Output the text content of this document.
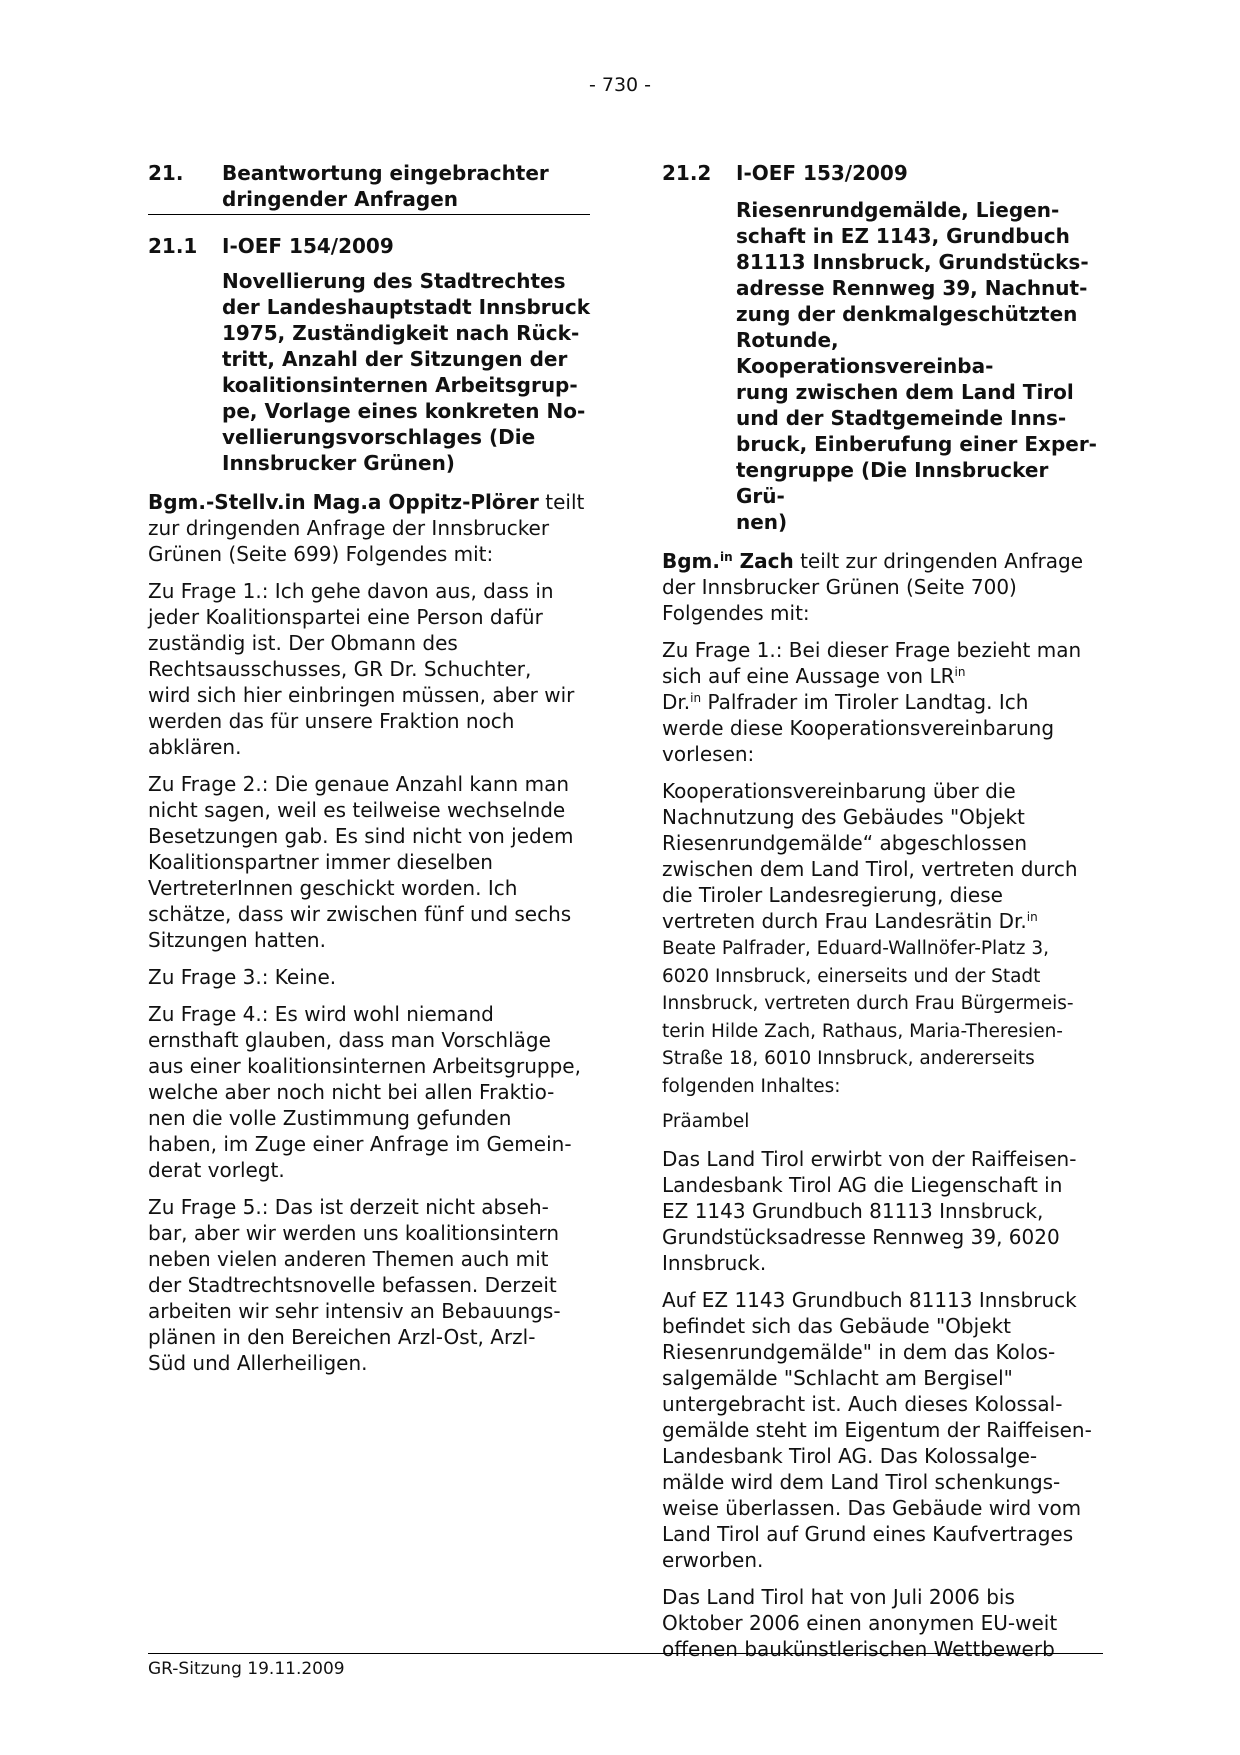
- 730 -
21.	Beantwortung eingebrachter
dringender Anfragen
21.1	I-OEF 154/2009
Novellierung des Stadtrechtes
der Landeshauptstadt Innsbruck
1975, Zuständigkeit nach Rück-
tritt, Anzahl der Sitzungen der
koalitionsinternen Arbeitsgrup-
pe, Vorlage eines konkreten No-
vellierungsvorschlages (Die
Innsbrucker Grünen)

Bgm.-Stellv.in Mag.a Oppitz-Plörer teilt
zur dringenden Anfrage der Innsbrucker
Grünen (Seite 699) Folgendes mit:

Zu Frage 1.: Ich gehe davon aus, dass in
jeder Koalitionspartei eine Person dafür
zuständig ist. Der Obmann des
Rechtsausschusses, GR Dr. Schuchter,
wird sich hier einbringen müssen, aber wir
werden das für unsere Fraktion noch
abklären.

Zu Frage 2.: Die genaue Anzahl kann man
nicht sagen, weil es teilweise wechselnde
Besetzungen gab. Es sind nicht von jedem
Koalitionspartner immer dieselben
VertreterInnen geschickt worden. Ich
schätze, dass wir zwischen fünf und sechs
Sitzungen hatten.

Zu Frage 3.: Keine.

Zu Frage 4.: Es wird wohl niemand
ernsthaft glauben, dass man Vorschläge
aus einer koalitionsinternen Arbeitsgruppe,
welche aber noch nicht bei allen Fraktio-
nen die volle Zustimmung gefunden
haben, im Zuge einer Anfrage im Gemein-
derat vorlegt.

Zu Frage 5.: Das ist derzeit nicht abseh-
bar, aber wir werden uns koalitionsintern
neben vielen anderen Themen auch mit
der Stadtrechtsnovelle befassen. Derzeit
arbeiten wir sehr intensiv an Bebauungs-
plänen in den Bereichen Arzl-Ost, Arzl-
Süd und Allerheiligen.

21.2	I-OEF 153/2009
Riesenrundgemälde, Liegen-
schaft in EZ 1143, Grundbuch
81113 Innsbruck, Grundstücks-
adresse Rennweg 39, Nachnut-
zung der denkmalgeschützten
Rotunde, Kooperationsvereinba-
rung zwischen dem Land Tirol
und der Stadtgemeinde Inns-
bruck, Einberufung einer Exper-
tengruppe (Die Innsbrucker Grü-
nen)

Bgm.$^{in}$ Zach teilt zur dringenden Anfrage
der Innsbrucker Grünen (Seite 700)
Folgendes mit:

Zu Frage 1.: Bei dieser Frage bezieht man
sich auf eine Aussage von $LR^{in}$
Dr.$^{in}$ Palfrader im Tiroler Landtag. Ich
werde diese Kooperationsvereinbarung
vorlesen:

Kooperationsvereinbarung über die
Nachnutzung des Gebäudes "Objekt
Riesenrundgemälde“ abgeschlossen
zwischen dem Land Tirol, vertreten durch
die Tiroler Landesregierung, diese
vertreten durch Frau Landesrätin Dr.$^{in}$
Beate Palfrader, Eduard-Wallnöfer-Platz 3,
6020 Innsbruck, einerseits und der Stadt
Innsbruck, vertreten durch Frau Bürgermeis-
terin Hilde Zach, Rathaus, Maria-Theresien-
Straße 18, 6010 Innsbruck, andererseits
folgenden Inhaltes:

Präambel

Das Land Tirol erwirbt von der Raiffeisen-
Landesbank Tirol AG die Liegenschaft in
EZ 1143 Grundbuch 81113 Innsbruck,
Grundstücksadresse Rennweg 39, 6020
Innsbruck.

Auf EZ 1143 Grundbuch 81113 Innsbruck
befindet sich das Gebäude "Objekt
Riesenrundgemälde" in dem das Kolos-
salgemälde "Schlacht am Bergisel"
untergebracht ist. Auch dieses Kolossal-
gemälde steht im Eigentum der Raiffeisen-
Landesbank Tirol AG. Das Kolossalge-
mälde wird dem Land Tirol schenkungs-
weise überlassen. Das Gebäude wird vom
Land Tirol auf Grund eines Kaufvertrages
erworben.

Das Land Tirol hat von Juli 2006 bis
Oktober 2006 einen anonymen EU-weit
offenen baukünstlerischen Wettbewerb

GR-Sitzung 19.11.2009
